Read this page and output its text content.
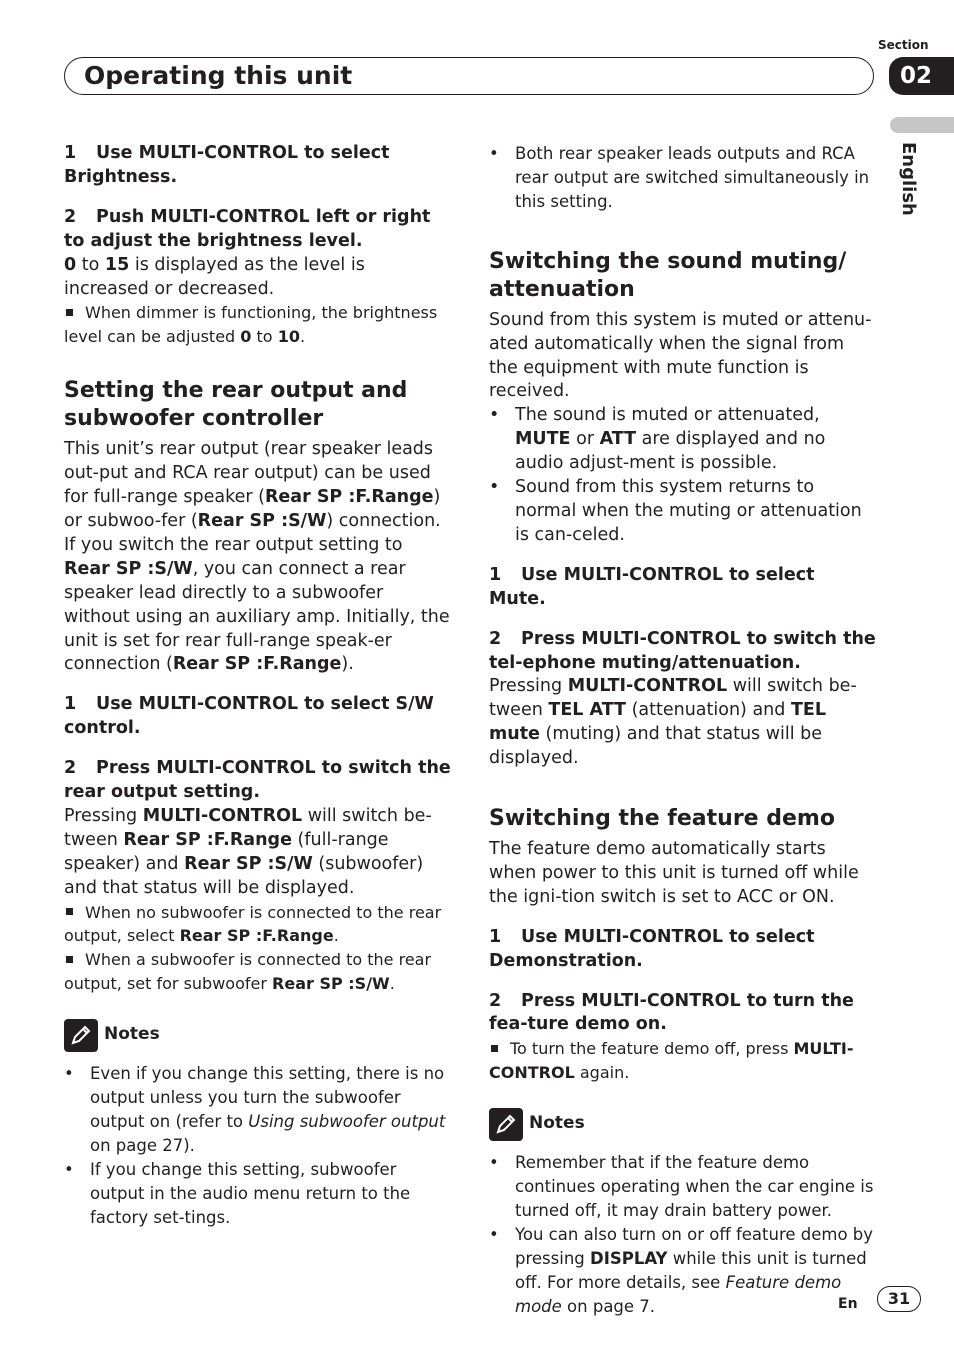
Section
Operating this unit	02
English

1 Use MULTI-CONTROL to select Brightness.

2 Push MULTI-CONTROL left or right to adjust the brightness level.

0 to 15 is displayed as the level is increased or decreased.

When dimmer is functioning, the brightness level can be adjusted 0 to 10.

Setting the rear output and subwoofer controller

This unit’s rear output (rear speaker leads out-put and RCA rear output) can be used for full-range speaker (Rear SP :F.Range) or subwoo-fer (Rear SP :S/W) connection. If you switch the rear output setting to Rear SP :S/W, you can connect a rear speaker lead directly to a subwoofer without using an auxiliary amp. Initially, the unit is set for rear full-range speak-er connection (Rear SP :F.Range).

1 Use MULTI-CONTROL to select S/W control.

2 Press MULTI-CONTROL to switch the rear output setting.

Pressing MULTI-CONTROL will switch be-tween Rear SP :F.Range (full-range speaker) and Rear SP :S/W (subwoofer) and that status will be displayed.

When no subwoofer is connected to the rear output, select Rear SP :F.Range.

When a subwoofer is connected to the rear output, set for subwoofer Rear SP :S/W.

Notes

• Even if you change this setting, there is no output unless you turn the subwoofer output on (refer to Using subwoofer output on page 27).

• If you change this setting, subwoofer output in the audio menu return to the factory set-tings.

• Both rear speaker leads outputs and RCA rear output are switched simultaneously in this setting.

Switching the sound muting/ attenuation

Sound from this system is muted or attenu-ated automatically when the signal from the equipment with mute function is received.

• The sound is muted or attenuated, MUTE or ATT are displayed and no audio adjust-ment is possible.

• Sound from this system returns to normal when the muting or attenuation is can-celed.

1 Use MULTI-CONTROL to select Mute.

2 Press MULTI-CONTROL to switch the tel-ephone muting/attenuation.

Pressing MULTI-CONTROL will switch be-tween TEL ATT (attenuation) and TEL mute (muting) and that status will be displayed.

Switching the feature demo

The feature demo automatically starts when power to this unit is turned off while the igni-tion switch is set to ACC or ON.

1 Use MULTI-CONTROL to select Demonstration.

2 Press MULTI-CONTROL to turn the fea-ture demo on.

To turn the feature demo off, press MULTI-CONTROL again.

Notes

• Remember that if the feature demo continues operating when the car engine is turned off, it may drain battery power.

• You can also turn on or off feature demo by pressing DISPLAY while this unit is turned off. For more details, see Feature demo mode on page 7.	En	31
